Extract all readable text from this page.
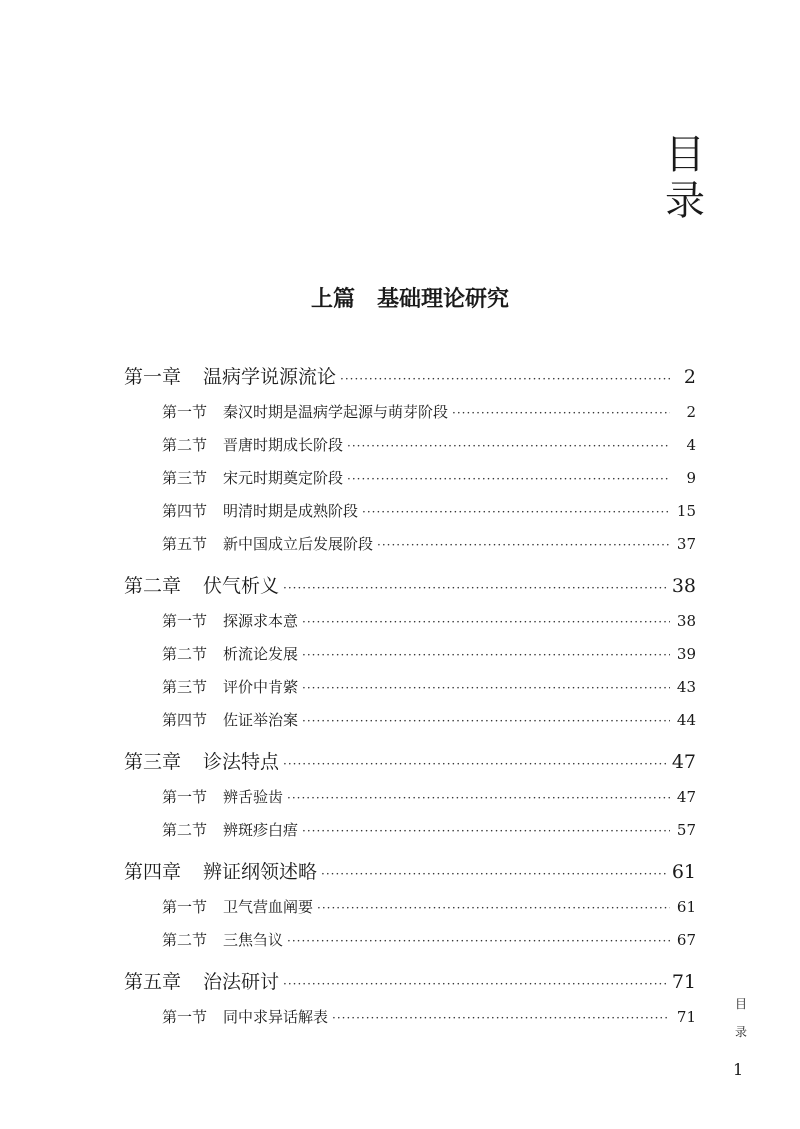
目
录
上篇 基础理论研究
第一章 温病学说源流论 ·····	2
第一节 秦汉时期是温病学起源与萌芽阶段 ·····	2
第二节 晋唐时期成长阶段 ·····	4
第三节 宋元时期奠定阶段 ·····	9
第四节 明清时期是成熟阶段 ·····	15
第五节 新中国成立后发展阶段 ·····	37
第二章 伏气析义 ·····	38
第一节 探源求本意 ·····	38
第二节 析流论发展 ·····	39
第三节 评价中肯綮 ·····	43
第四节 佐证举治案 ·····	44
第三章 诊法特点 ·····	47
第一节 辨舌验齿 ·····	47
第二节 辨斑疹白痦 ·····	57
第四章 辨证纲领述略 ·····	61
第一节 卫气营血阐要 ·····	61
第二节 三焦刍议 ·····	67
第五章 治法研讨 ·····	71
第一节 同中求异话解表 ·····	71
目
录
1
